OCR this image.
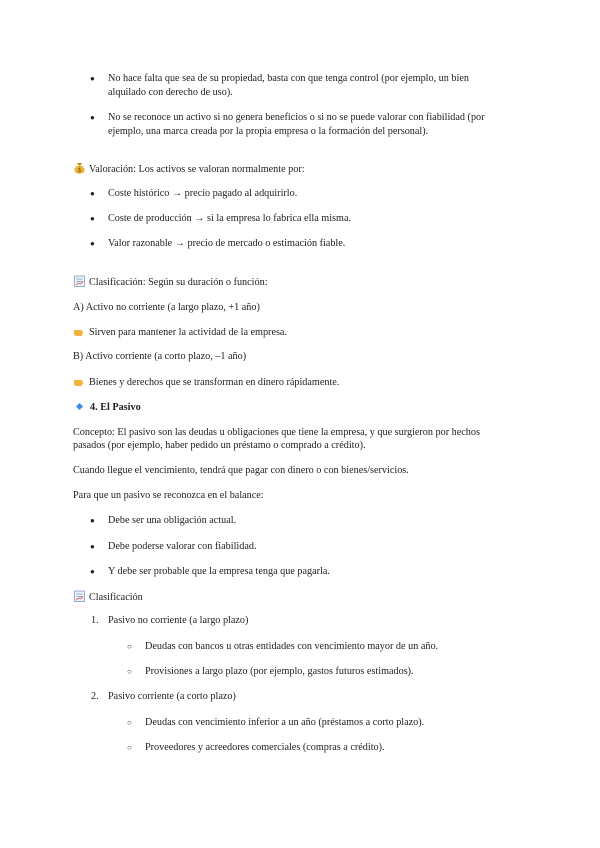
● No hace falta que sea de su propiedad, basta con que tenga control (por ejemplo, un bien
alquilado con derecho de uso).
● No se reconoce un activo si no genera beneficios o si no se puede valorar con fiabilidad (por
ejemplo, una marca creada por la propia empresa o la formación del personal).
$ Valoración: Los activos se valoran normalmente por:
● Coste histórico → precio pagado al adquirirlo.
● Coste de producción → si la empresa lo fabrica ella misma.
● Valor razonable → precio de mercado o estimación fiable.
Clasificación: Según su duración o función:
A) Activo no corriente (a largo plazo, +1 año)
Sirven para mantener la actividad de la empresa.
B) Activo corriente (a corto plazo, –1 año)
Bienes y derechos que se transforman en dinero rápidamente.
4. El Pasivo
Concepto: El pasivo son las deudas u obligaciones que tiene la empresa, y que surgieron por hechos
pasados (por ejemplo, haber pedido un préstamo o comprado a crédito).
Cuando llegue el vencimiento, tendrá que pagar con dinero o con bienes/servicios.
Para que un pasivo se reconozca en el balance:
● Debe ser una obligación actual.
● Debe poderse valorar con fiabilidad.
● Y debe ser probable que la empresa tenga que pagarla.
Clasificación
1. Pasivo no corriente (a largo plazo)
○ Deudas con bancos u otras entidades con vencimiento mayor de un año.
○ Provisiones a largo plazo (por ejemplo, gastos futuros estimados).
2. Pasivo corriente (a corto plazo)
○ Deudas con vencimiento inferior a un año (préstamos a corto plazo).
○ Proveedores y acreedores comerciales (compras a crédito).
